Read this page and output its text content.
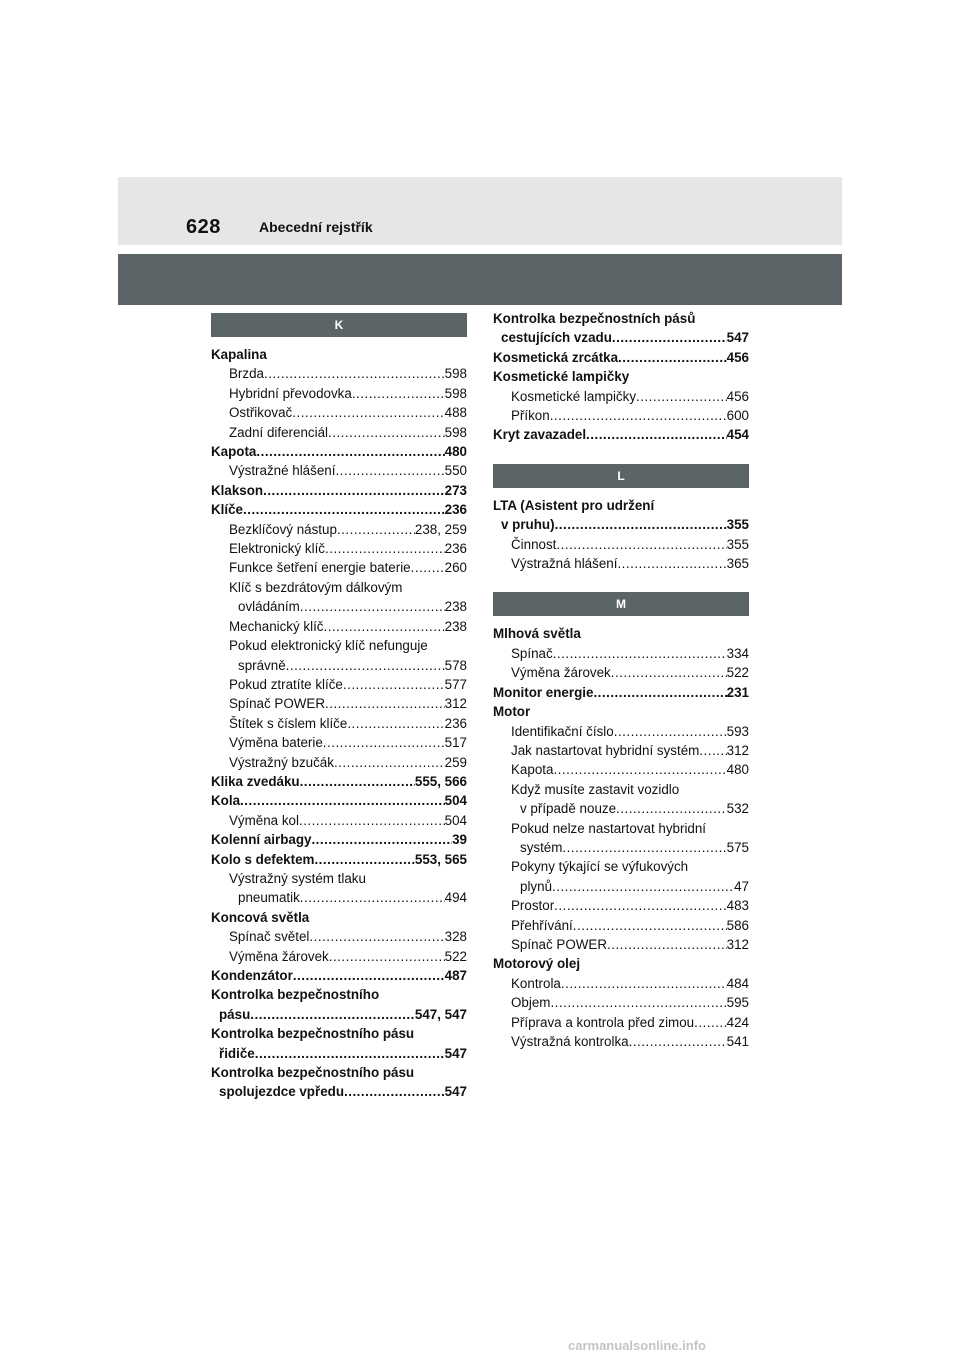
628	Abecední rejstřík
K
Kapalina
Brzda .....	598
Hybridní převodovka .....	598
Ostřikovač .....	488
Zadní diferenciál .....	598
Kapota .....	480
Výstražné hlášení .....	550
Klakson .....	273
Klíče .....	236
Bezklíčový nástup .....	238, 259
Elektronický klíč .....	236
Funkce šetření energie baterie .....	260
Klíč s bezdrátovým dálkovým
ovládáním .....	238
Mechanický klíč .....	238
Pokud elektronický klíč nefunguje
správně .....	578
Pokud ztratíte klíče .....	577
Spínač POWER .....	312
Štítek s číslem klíče .....	236
Výměna baterie .....	517
Výstražný bzučák .....	259
Klika zvedáku .....	555, 566
Kola .....	504
Výměna kol .....	504
Kolenní airbagy .....	39
Kolo s defektem .....	553, 565
Výstražný systém tlaku
pneumatik .....	494
Koncová světla
Spínač světel .....	328
Výměna žárovek .....	522
Kondenzátor .....	487
Kontrolka bezpečnostního
pásu .....	547, 547
Kontrolka bezpečnostního pásu
řidiče .....	547
Kontrolka bezpečnostního pásu
spolujezdce vpředu .....	547
Kontrolka bezpečnostních pásů
cestujících vzadu .....	547
Kosmetická zrcátka .....	456
Kosmetické lampičky
Kosmetické lampičky .....	456
Příkon .....	600
Kryt zavazadel .....	454
L
LTA (Asistent pro udržení
v pruhu) .....	355
Činnost .....	355
Výstražná hlášení .....	365
M
Mlhová světla
Spínač .....	334
Výměna žárovek .....	522
Monitor energie .....	231
Motor
Identifikační číslo .....	593
Jak nastartovat hybridní systém ..... 312
Kapota .....	480
Když musíte zastavit vozidlo
v případě nouze .....	532
Pokud nelze nastartovat hybridní
systém .....	575
Pokyny týkající se výfukových
plynů .....	47
Prostor .....	483
Přehřívání .....	586
Spínač POWER .....	312
Motorový olej
Kontrola .....	484
Objem .....	595
Příprava a kontrola před zimou ..... 424
Výstražná kontrolka .....	541
carmanualsonline.info
